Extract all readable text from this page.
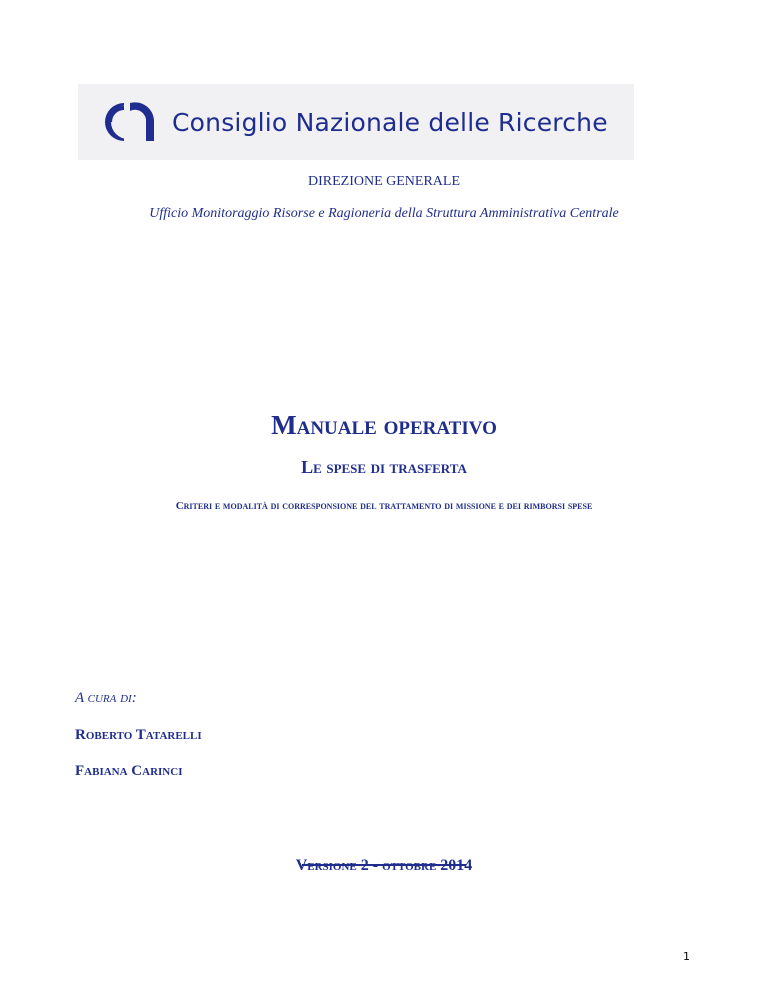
Consiglio Nazionale delle Ricerche
DIREZIONE GENERALE
Ufficio Monitoraggio Risorse e Ragioneria della Struttura Amministrativa Centrale
Manuale operativo
Le spese di trasferta
Criteri e modalità di corresponsione del trattamento di missione e dei rimborsi spese
A cura di:
Roberto Tatarelli
Fabiana Carinci
Versione 2 - ottobre 2014
1
